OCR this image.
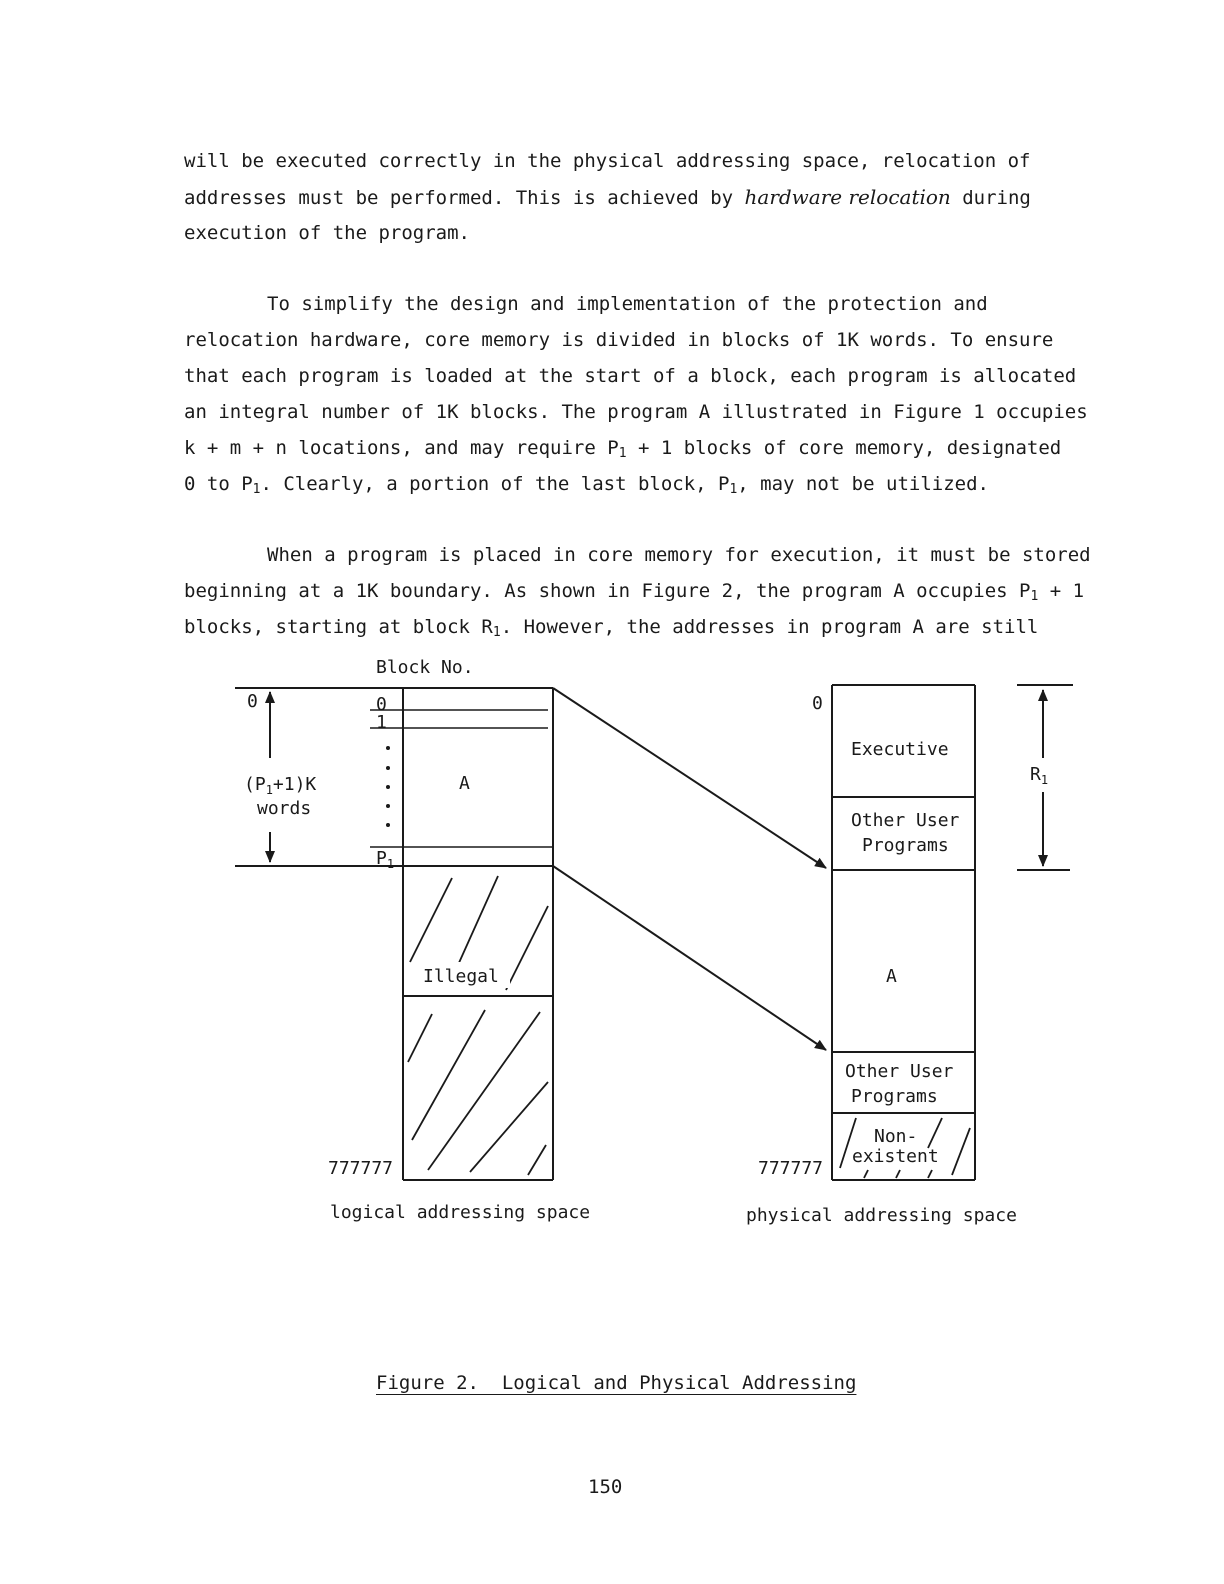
will be executed correctly in the physical addressing space, relocation of
addresses must be performed. This is achieved by hardware relocation during
execution of the program.
To simplify the design and implementation of the protection and
relocation hardware, core memory is divided in blocks of 1K words. To ensure
that each program is loaded at the start of a block, each program is allocated
an integral number of 1K blocks. The program A illustrated in Figure 1 occupies
k + m + n locations, and may require $P_1 + 1$ blocks of core memory, designated
0 to $P_1$. Clearly, a portion of the last block, $P_1$, may not be utilized.
When a program is placed in core memory for execution, it must be stored
beginning at a 1K boundary. As shown in Figure 2, the program A occupies $P_1 + 1$
blocks, starting at block $R_1$. However, the addresses in program A are still
Block No.
0
$(P_1+1)K$
words
0
1
$P_1$
A
Illegal
777777
logical addressing space
0
Executive
Other User
Programs
A
Other User
Programs
Non-
existent
777777
$R_1$
physical addressing space
Figure 2.  Logical and Physical Addressing
150
